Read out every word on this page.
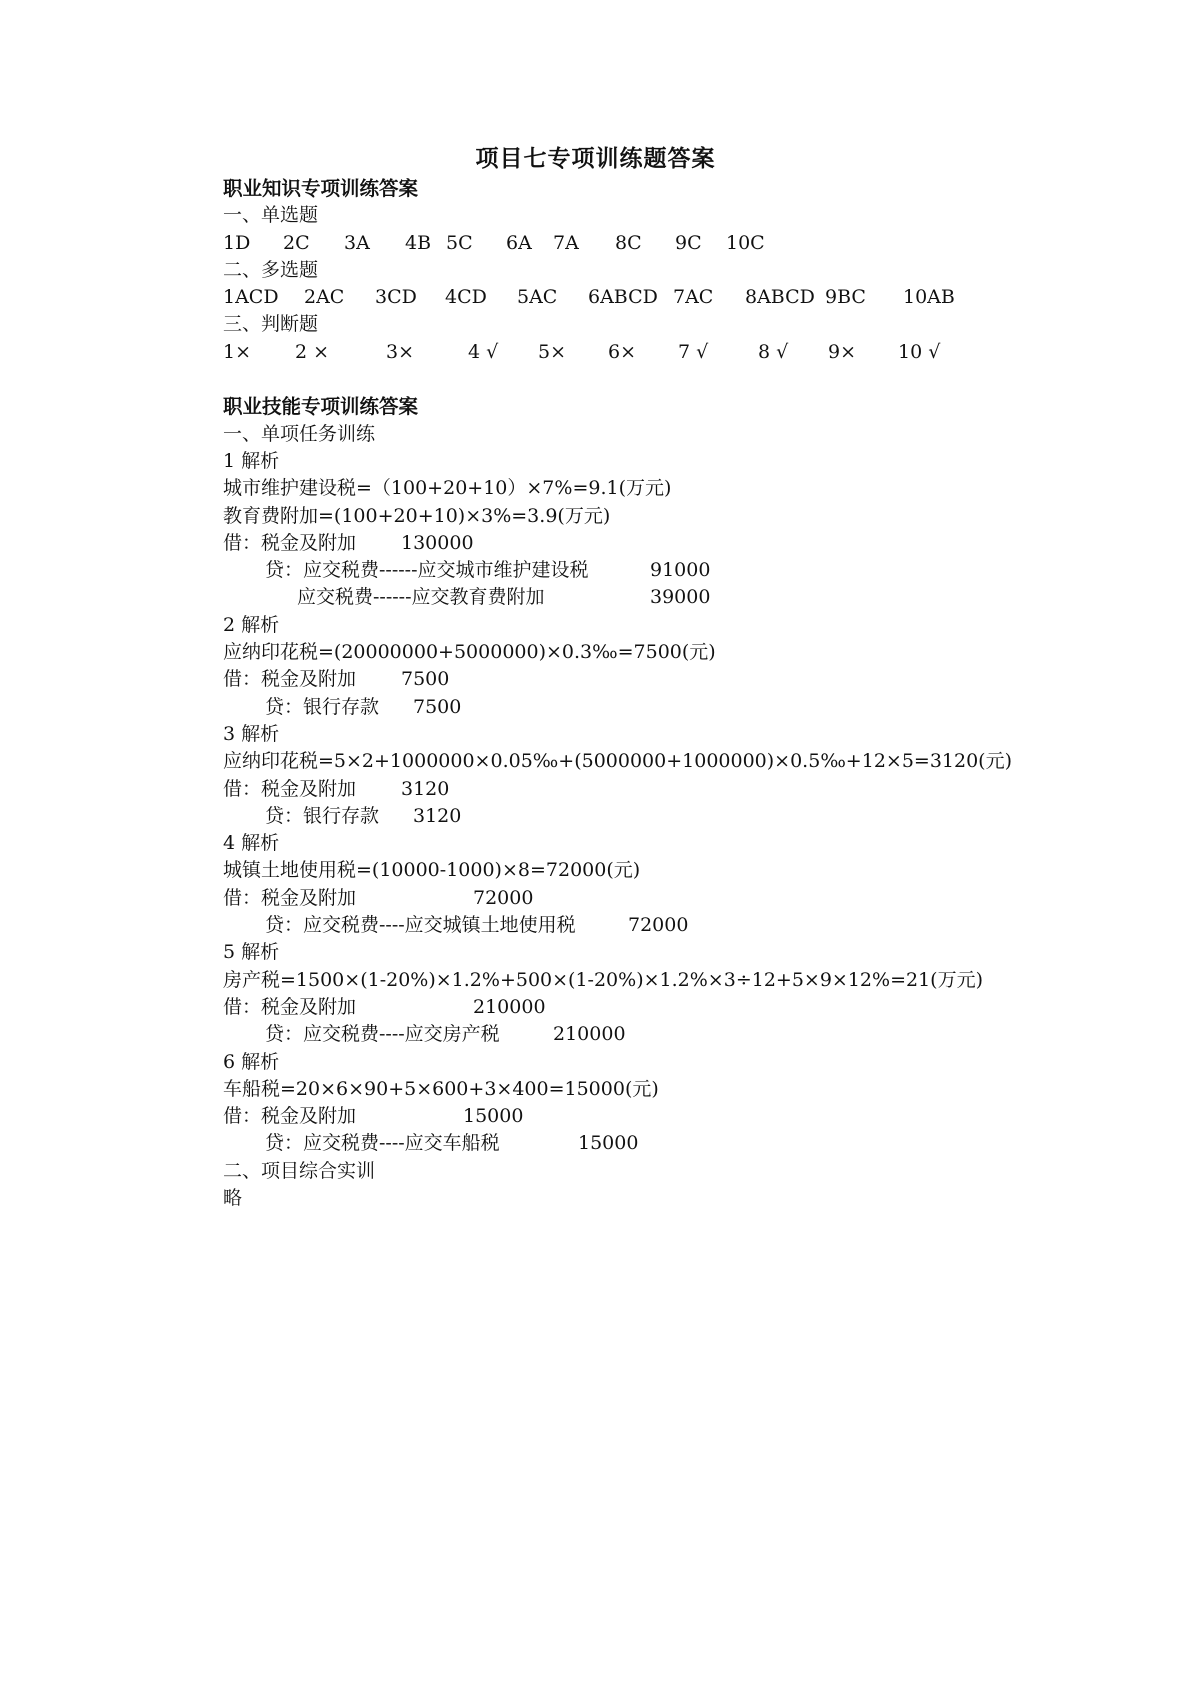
项目七专项训练题答案
职业知识专项训练答案
一、单选题
1D 2C 3A 4B 5C 6A 7A 8C 9C 10C
二、多选题
1ACD 2AC 3CD 4CD 5AC 6ABCD 7AC 8ABCD 9BC 10AB
三、判断题
1× 2 ×	3×	4 √ 5× 6× 7 √	8 √ 9× 10 √
职业技能专项训练答案
一、单项任务训练
1 解析
城市维护建设税=（100+20+10）×7%=9.1(万元)
教育费附加=(100+20+10)×3%=3.9(万元)
借：税金及附加 130000
贷：应交税费------应交城市维护建设税	91000
应交税费------应交教育费附加	39000
2 解析
应纳印花税=(20000000+5000000)×0.3‰=7500(元)
借：税金及附加 7500
贷：银行存款 7500
3 解析
应纳印花税=5×2+1000000×0.05‰+(5000000+1000000)×0.5‰+12×5=3120(元)
借：税金及附加 3120
贷：银行存款 3120
4 解析
城镇土地使用税=(10000-1000)×8=72000(元)
借：税金及附加	72000
贷：应交税费----应交城镇土地使用税	72000
5 解析
房产税=1500×(1-20%)×1.2%+500×(1-20%)×1.2%×3÷12+5×9×12%=21(万元)
借：税金及附加	210000
贷：应交税费----应交房产税	210000
6 解析
车船税=20×6×90+5×600+3×400=15000(元)
借：税金及附加	15000
贷：应交税费----应交车船税	15000
二、项目综合实训
略
